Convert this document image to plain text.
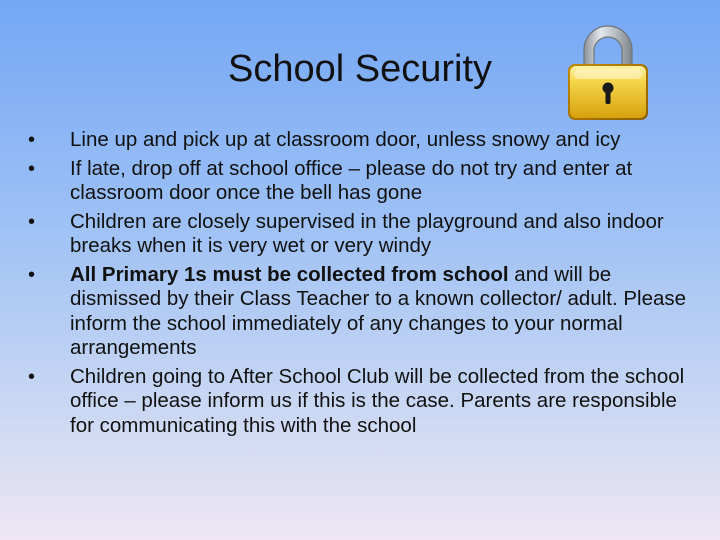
School Security
• Line up and pick up at classroom door, unless snowy and icy
• If late, drop off at school office – please do not try and enter at classroom door once the bell has gone
• Children are closely supervised in the playground and also indoor breaks when it is very wet or very windy
• All Primary 1s must be collected from school and will be dismissed by their Class Teacher to a known collector/ adult. Please inform the school immediately of any changes to your normal arrangements
• Children going to After School Club will be collected from the school office – please inform us if this is the case. Parents are responsible for communicating this with the school
